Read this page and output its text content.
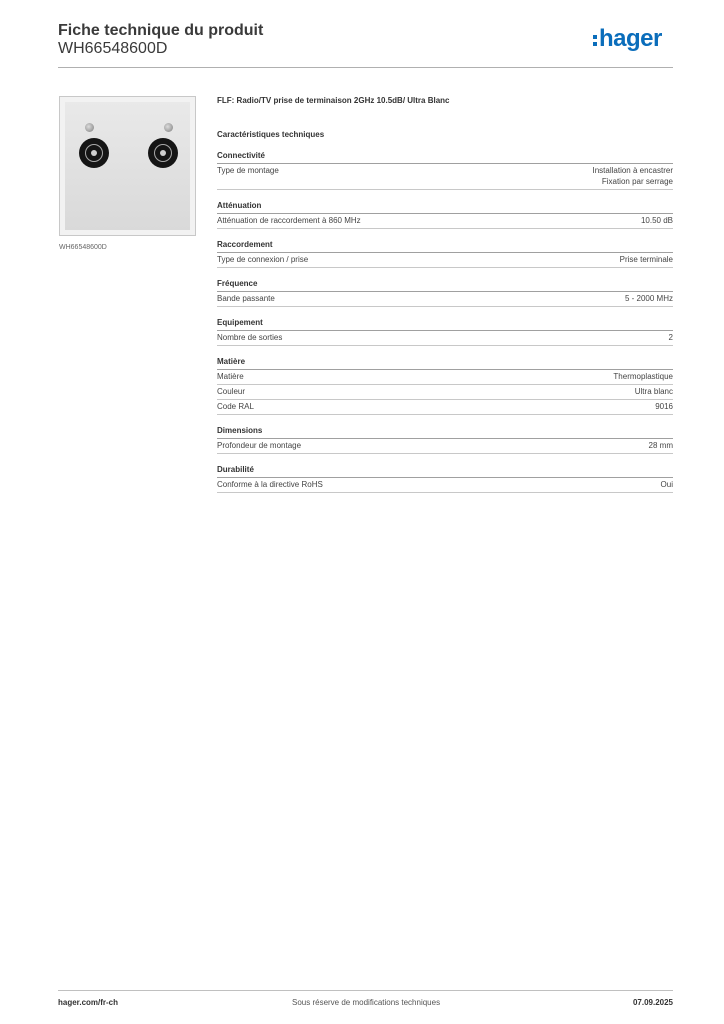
Fiche technique du produit
WH66548600D	hager
WH66548600D
FLF: Radio/TV prise de terminaison 2GHz 10.5dB/ Ultra Blanc
Caractéristiques techniques
Connectivité
Type de montage	Installation à encastrer
Fixation par serrage
Atténuation
Atténuation de raccordement à 860 MHz	10.50 dB
Raccordement
Type de connexion / prise	Prise terminale
Fréquence
Bande passante	5 - 2000 MHz
Equipement
Nombre de sorties	2
Matière
Matière	Thermoplastique
Couleur	Ultra blanc
Code RAL	9016
Dimensions
Profondeur de montage	28 mm
Durabilité
Conforme à la directive RoHS	Oui
hager.com/fr-ch	Sous réserve de modifications techniques	07.09.2025
